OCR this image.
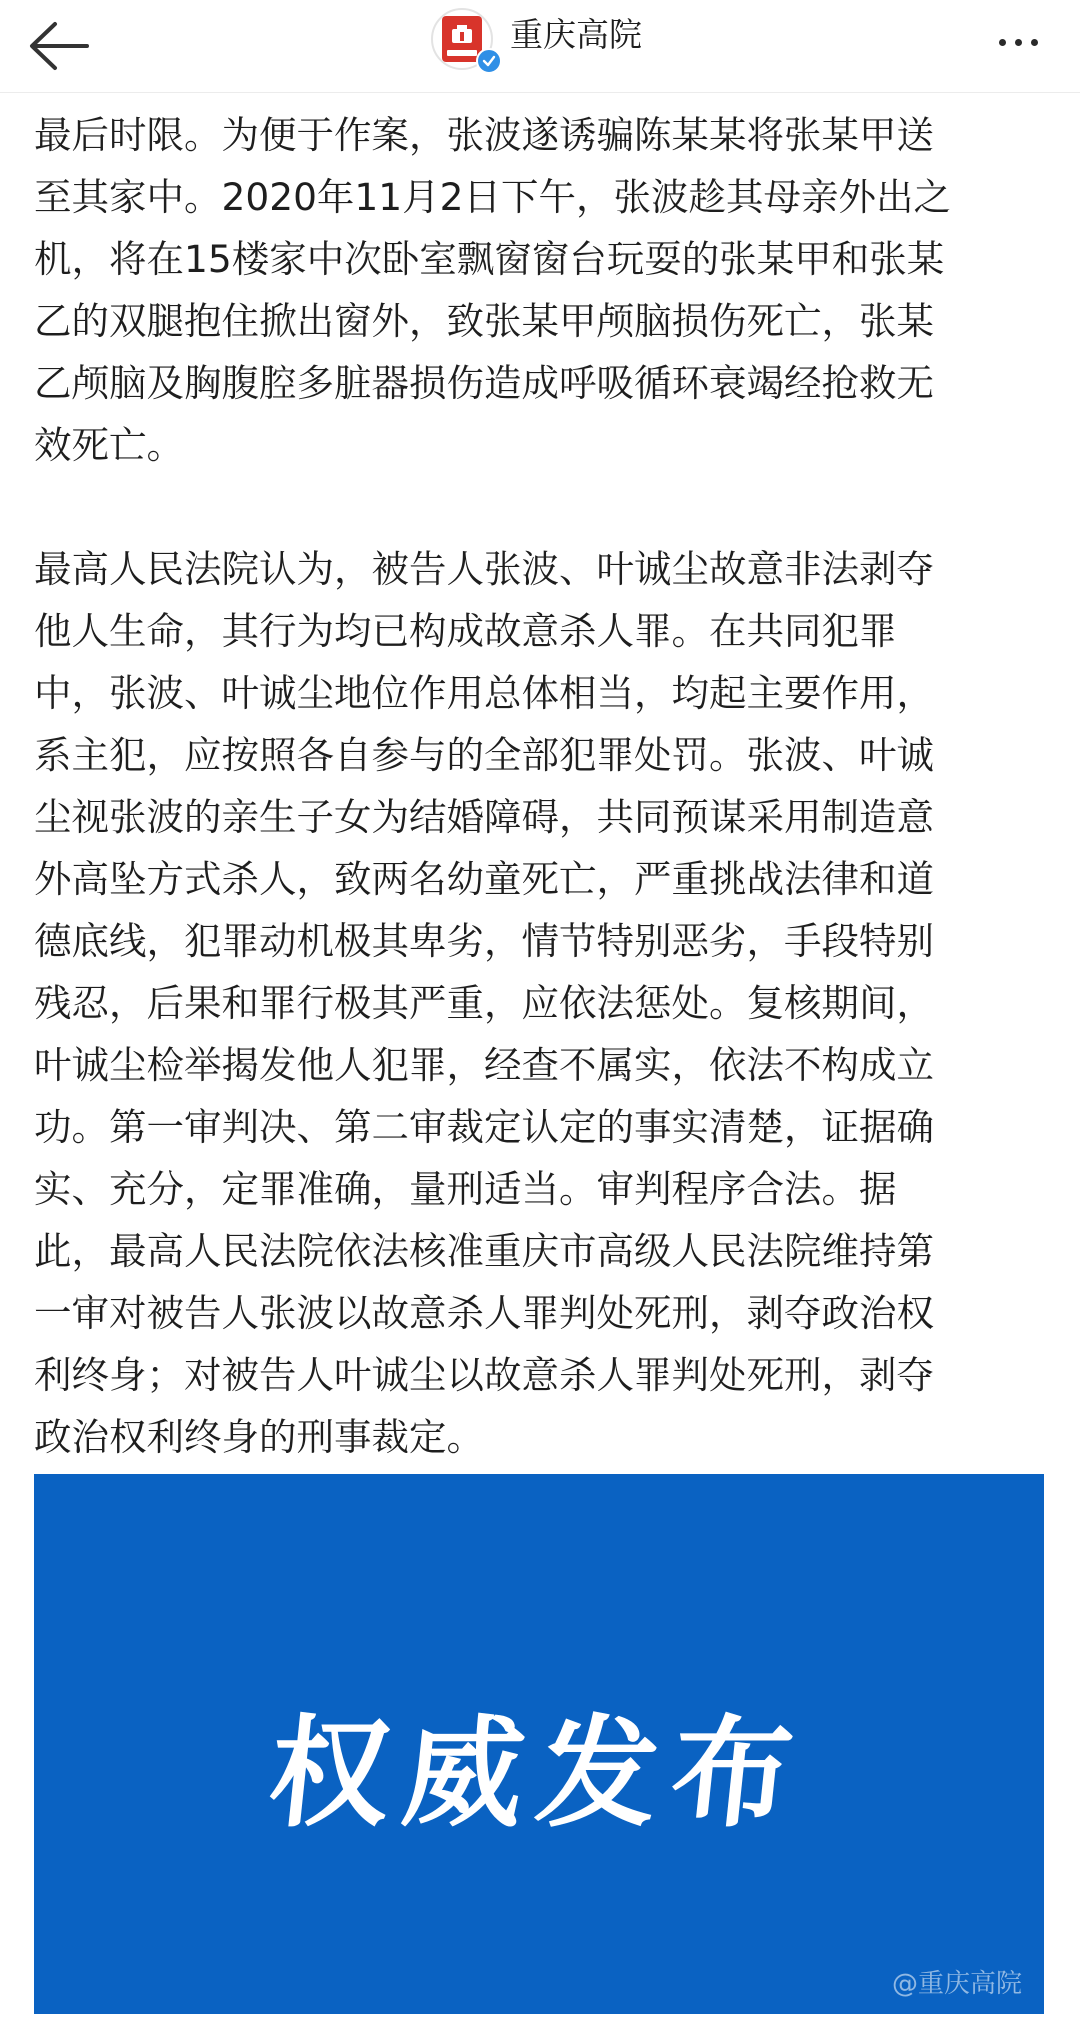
重庆高院

最后时限。为便于作案，张波遂诱骗陈某某将张某甲送
至其家中。2020年11月2日下午，张波趁其母亲外出之
机，将在15楼家中次卧室飘窗窗台玩耍的张某甲和张某
乙的双腿抱住掀出窗外，致张某甲颅脑损伤死亡，张某
乙颅脑及胸腹腔多脏器损伤造成呼吸循环衰竭经抢救无
效死亡。

最高人民法院认为，被告人张波、叶诚尘故意非法剥夺
他人生命，其行为均已构成故意杀人罪。在共同犯罪
中，张波、叶诚尘地位作用总体相当，均起主要作用，
系主犯，应按照各自参与的全部犯罪处罚。张波、叶诚
尘视张波的亲生子女为结婚障碍，共同预谋采用制造意
外高坠方式杀人，致两名幼童死亡，严重挑战法律和道
德底线，犯罪动机极其卑劣，情节特别恶劣，手段特别
残忍，后果和罪行极其严重，应依法惩处。复核期间，
叶诚尘检举揭发他人犯罪，经查不属实，依法不构成立
功。第一审判决、第二审裁定认定的事实清楚，证据确
实、充分，定罪准确，量刑适当。审判程序合法。据
此，最高人民法院依法核准重庆市高级人民法院维持第
一审对被告人张波以故意杀人罪判处死刑，剥夺政治权
利终身；对被告人叶诚尘以故意杀人罪判处死刑，剥夺
政治权利终身的刑事裁定。

权威发布
@重庆高院
